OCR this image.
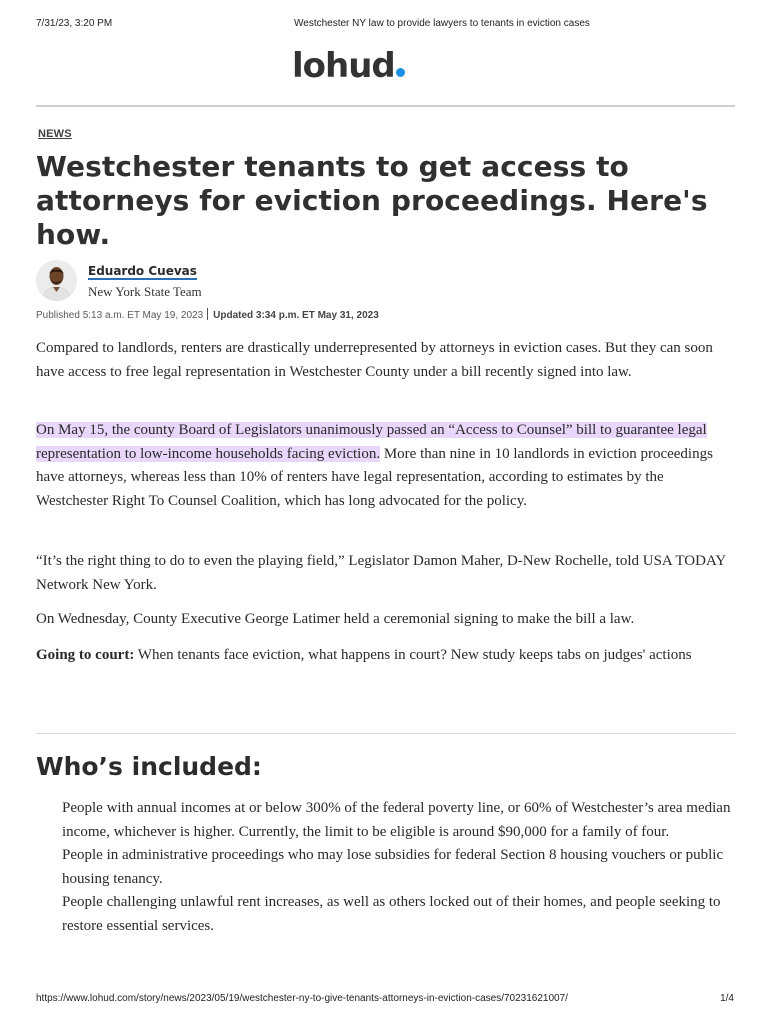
7/31/23, 3:20 PM	Westchester NY law to provide lawyers to tenants in eviction cases
lohud
NEWS
Westchester tenants to get access to attorneys for eviction proceedings. Here's how.
Eduardo Cuevas
New York State Team
Published 5:13 a.m. ET May 19, 2023 Updated 3:34 p.m. ET May 31, 2023

Compared to landlords, renters are drastically underrepresented by attorneys in eviction cases. But they can soon have access to free legal representation in Westchester County under a bill recently signed into law.

On May 15, the county Board of Legislators unanimously passed an “Access to Counsel” bill to guarantee legal representation to low-income households facing eviction. More than nine in 10 landlords in eviction proceedings have attorneys, whereas less than 10% of renters have legal representation, according to estimates by the Westchester Right To Counsel Coalition, which has long advocated for the policy.

“It’s the right thing to do to even the playing field,” Legislator Damon Maher, D-New Rochelle, told USA TODAY Network New York.

On Wednesday, County Executive George Latimer held a ceremonial signing to make the bill a law.

Going to court: When tenants face eviction, what happens in court? New study keeps tabs on judges' actions

Who’s included:
People with annual incomes at or below 300% of the federal poverty line, or 60% of Westchester’s area median income, whichever is higher. Currently, the limit to be eligible is around $90,000 for a family of four.
People in administrative proceedings who may lose subsidies for federal Section 8 housing vouchers or public housing tenancy.
People challenging unlawful rent increases, as well as others locked out of their homes, and people seeking to restore essential services.
https://www.lohud.com/story/news/2023/05/19/westchester-ny-to-give-tenants-attorneys-in-eviction-cases/70231621007/	1/4
